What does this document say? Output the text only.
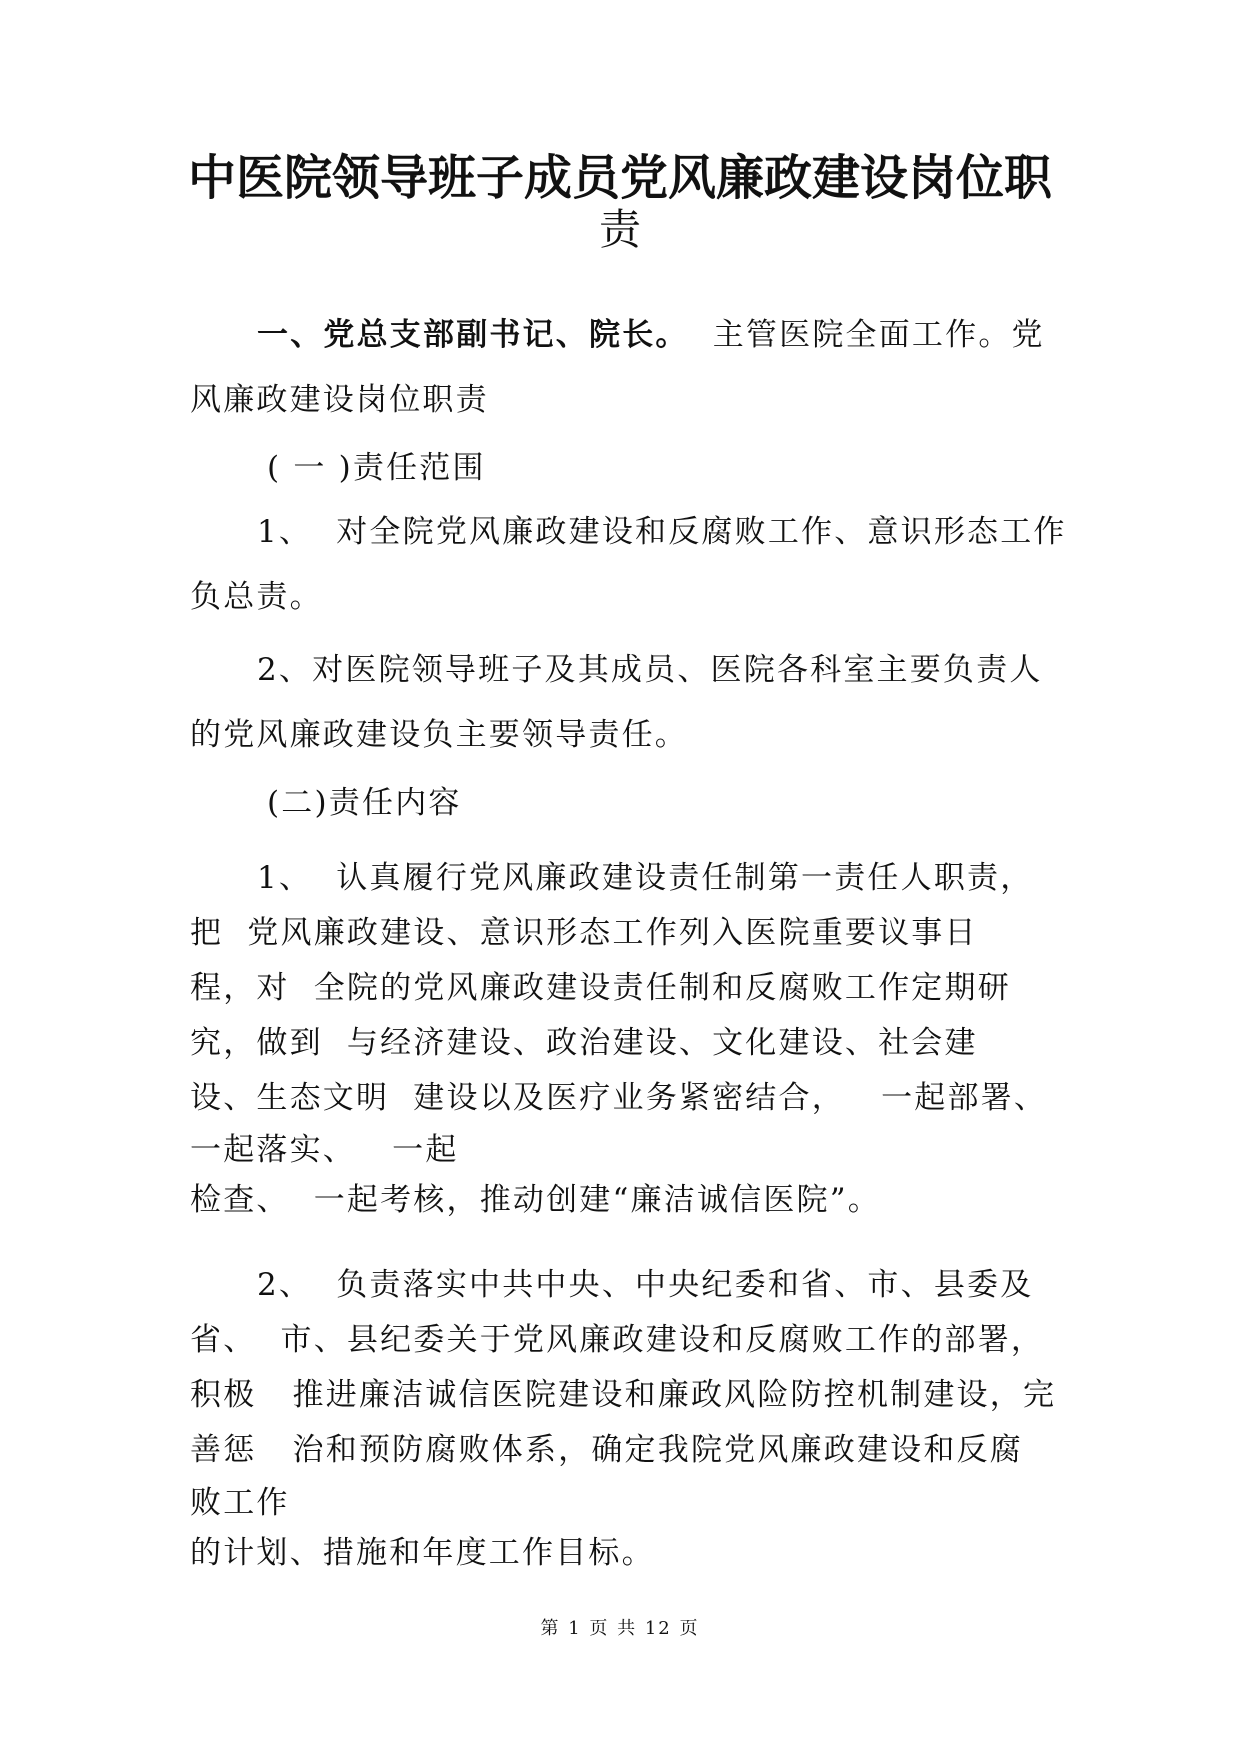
中医院领导班子成员党风廉政建设岗位职
责

一、党总支部副书记、院长。 主管医院全面工作。党

风廉政建设岗位职责

( 一 )责任范围

1、  对全院党风廉政建设和反腐败工作、意识形态工作

负总责。

2、对医院领导班子及其成员、医院各科室主要负责人

的党风廉政建设负主要领导责任。

(二)责任内容

1、  认真履行党风廉政建设责任制第一责任人职责，

把  党风廉政建设、意识形态工作列入医院重要议事日

程，对  全院的党风廉政建设责任制和反腐败工作定期研

究，做到  与经济建设、政治建设、文化建设、社会建

设、生态文明  建设以及医疗业务紧密结合，   一起部署、

一起落实、   一起

检查、  一起考核，推动创建“廉洁诚信医院”。

2、  负责落实中共中央、中央纪委和省、市、县委及

省、  市、县纪委关于党风廉政建设和反腐败工作的部署，

积极   推进廉洁诚信医院建设和廉政风险防控机制建设，完

善惩   治和预防腐败体系，确定我院党风廉政建设和反腐

败工作

的计划、措施和年度工作目标。

第 1 页 共 12 页
